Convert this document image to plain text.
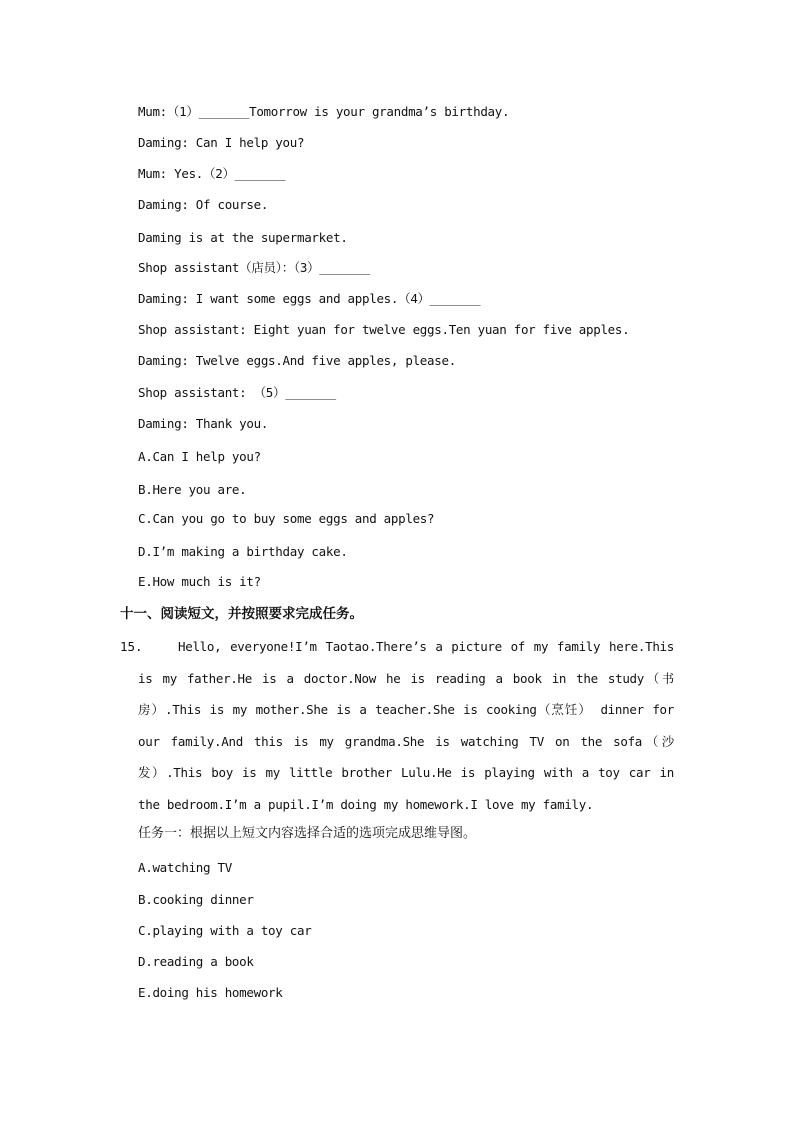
Mum:（1）_______Tomorrow is your grandma’s birthday.
Daming: Can I help you?
Mum: Yes.（2）_______
Daming: Of course.
Daming is at the supermarket.
Shop assistant（店员）：（3）_______
Daming: I want some eggs and apples.（4）_______
Shop assistant: Eight yuan for twelve eggs.Ten yuan for five apples.
Daming: Twelve eggs.And five apples, please.
Shop assistant: （5）_______
Daming: Thank you.
A.Can I help you?
B.Here you are.
C.Can you go to buy some eggs and apples?
D.I’m making a birthday cake.
E.How much is it?
十一、阅读短文，并按照要求完成任务。
15.	Hello, everyone!I’m Taotao.There’s a picture of my family here.This is my father.He is a doctor.Now he is reading a book in the study（书房）.This is my mother.She is a teacher.She is cooking（烹饪） dinner for our family.And this is my grandma.She is watching TV on the sofa（沙发）.This boy is my little brother Lulu.He is playing with a toy car in the bedroom.I’m a pupil.I’m doing my homework.I love my family.
任务一：根据以上短文内容选择合适的选项完成思维导图。
A.watching TV
B.cooking dinner
C.playing with a toy car
D.reading a book
E.doing his homework
